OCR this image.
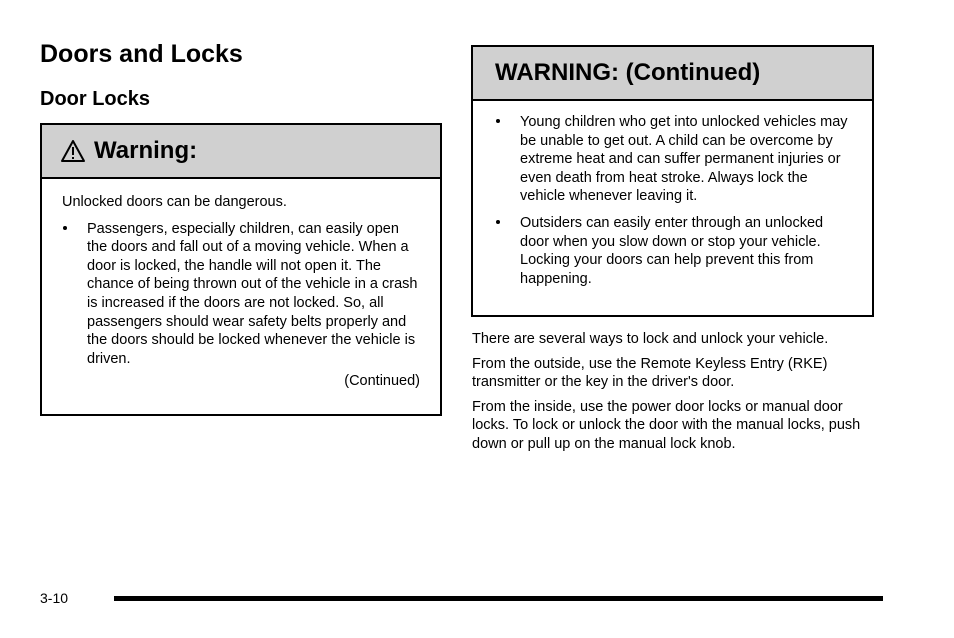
Doors and Locks
Door Locks
Warning:
Unlocked doors can be dangerous.
Passengers, especially children, can easily open the doors and fall out of a moving vehicle. When a door is locked, the handle will not open it. The chance of being thrown out of the vehicle in a crash is increased if the doors are not locked. So, all passengers should wear safety belts properly and the doors should be locked whenever the vehicle is driven.
(Continued)
WARNING: (Continued)
Young children who get into unlocked vehicles may be unable to get out. A child can be overcome by extreme heat and can suffer permanent injuries or even death from heat stroke. Always lock the vehicle whenever leaving it.
Outsiders can easily enter through an unlocked door when you slow down or stop your vehicle. Locking your doors can help prevent this from happening.
There are several ways to lock and unlock your vehicle.
From the outside, use the Remote Keyless Entry (RKE) transmitter or the key in the driver's door.
From the inside, use the power door locks or manual door locks. To lock or unlock the door with the manual locks, push down or pull up on the manual lock knob.
3-10
